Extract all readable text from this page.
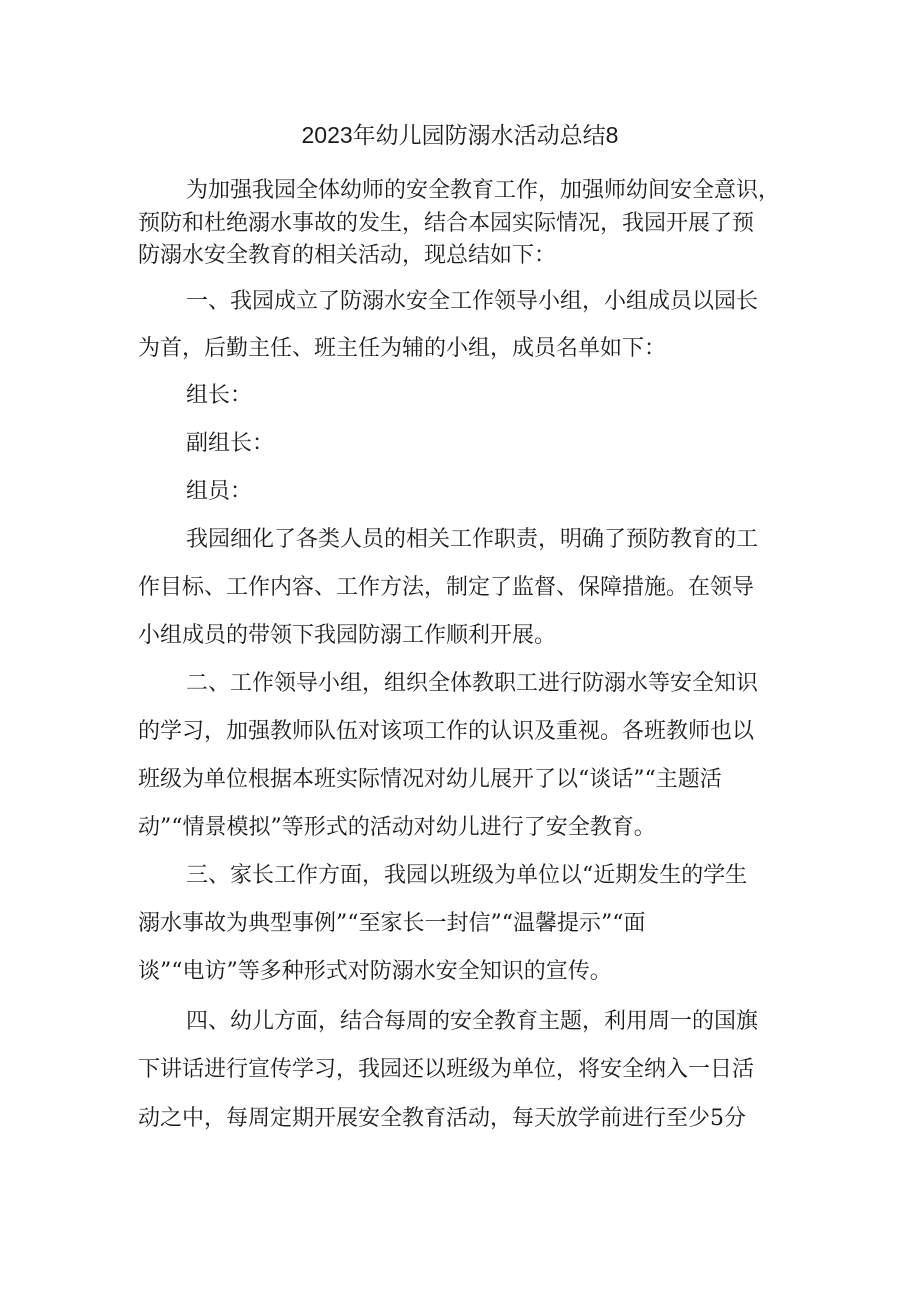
2023年幼儿园防溺水活动总结8
为加强我园全体幼师的安全教育工作，加强师幼间安全意识，
预防和杜绝溺水事故的发生，结合本园实际情况，我园开展了预
防溺水安全教育的相关活动，现总结如下：
一、我园成立了防溺水安全工作领导小组，小组成员以园长
为首，后勤主任、班主任为辅的小组，成员名单如下：
组长：
副组长：
组员：
我园细化了各类人员的相关工作职责，明确了预防教育的工
作目标、工作内容、工作方法，制定了监督、保障措施。在领导
小组成员的带领下我园防溺工作顺利开展。
二、工作领导小组，组织全体教职工进行防溺水等安全知识
的学习，加强教师队伍对该项工作的认识及重视。各班教师也以
班级为单位根据本班实际情况对幼儿展开了以“谈话”“主题活
动”“情景模拟”等形式的活动对幼儿进行了安全教育。
三、家长工作方面，我园以班级为单位以“近期发生的学生
溺水事故为典型事例”“至家长一封信”“温馨提示”“面
谈”“电访”等多种形式对防溺水安全知识的宣传。
四、幼儿方面，结合每周的安全教育主题，利用周一的国旗
下讲话进行宣传学习，我园还以班级为单位，将安全纳入一日活
动之中，每周定期开展安全教育活动，每天放学前进行至少5分
